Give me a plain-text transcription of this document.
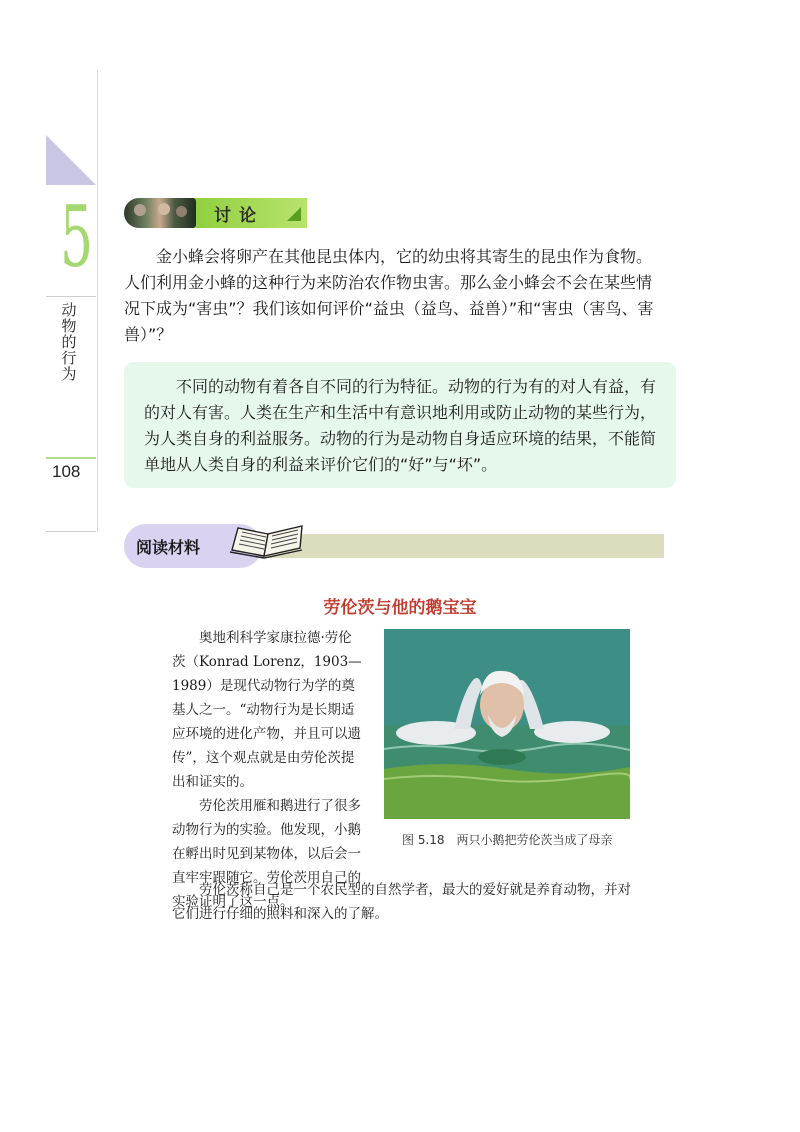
5
动物的行为
108
讨论
金小蜂会将卵产在其他昆虫体内，它的幼虫将其寄生的昆虫作为食物。人们利用金小蜂的这种行为来防治农作物虫害。那么金小蜂会不会在某些情况下成为“害虫”？我们该如何评价“益虫（益鸟、益兽）”和“害虫（害鸟、害兽）”？
不同的动物有着各自不同的行为特征。动物的行为有的对人有益，有的对人有害。人类在生产和生活中有意识地利用或防止动物的某些行为，为人类自身的利益服务。动物的行为是动物自身适应环境的结果，不能简单地从人类自身的利益来评价它们的“好”与“坏”。
阅读材料
劳伦茨与他的鹅宝宝

奥地利科学家康拉德·劳伦茨（Konrad Lorenz，1903—1989）是现代动物行为学的奠基人之一。“动物行为是长期适应环境的进化产物，并且可以遗传”，这个观点就是由劳伦茨提出和证实的。

劳伦茨用雁和鹅进行了很多动物行为的实验。他发现，小鹅在孵出时见到某物体，以后会一直牢牢跟随它。劳伦茨用自己的实验证明了这一点。

图 5.18　两只小鹅把劳伦茨当成了母亲

劳伦茨称自己是一个农民型的自然学者，最大的爱好就是养育动物，并对它们进行仔细的照料和深入的了解。
